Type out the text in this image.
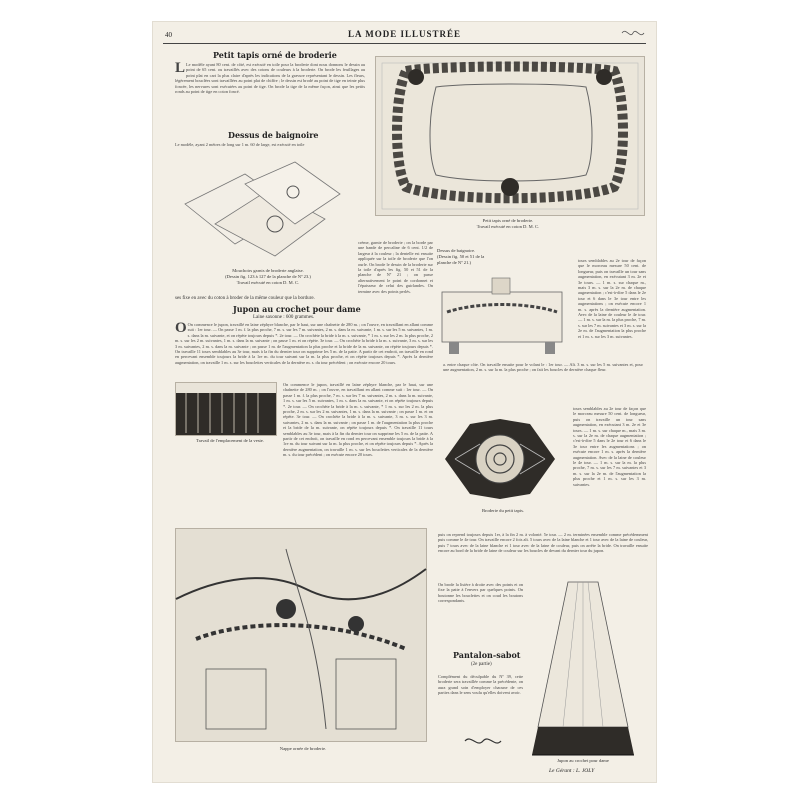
40	LA MODE ILLUSTRÉE
Petit tapis orné de broderie
L Le modèle ayant 80 cent. de côté, est exécuté en toile pour la broderie dont nous donnons le dessin au point de 65 cent. ou travaillés avec des cotons de couleurs à la broderie. On brode les feuillages au point plat en cart la plus claire d'après les indications de la gravure représentant le dessin. Les fleurs, légèrement bouclées sont travaillées au point plat de chiffre ; le dessin est brodé au point de tige en teinte plus foncée, les nervures sont exécutées au point de tige. On brode la tige de la même façon, ainsi que les petits ronds au point de tige en coton foncé.
Petit tapis orné de broderie.
Travail exécuté en coton D. M. C.
Dessus de baignoire
Le modèle, ayant 2 mètres de long sur 1 m. 60 de large, est exécuté en toile
Mouchoirs garnis de broderie anglaise.
(Dessin fig. 123 à 127 de la planche de Nº 23.)
Travail exécuté en coton D. M. C.
crème, garnie de broderie ; on la borde par une bande de percaline de 6 cent. 1/2 de largeur à la couleur ; la dentelle est ensuite appliquée sur la toile de broderie que l'on ourle. On brode le dessin de la broderie sur la toile d'après les fig. 50 et 51 de la planche de Nº 21 ; on passe alternativement le point de cordonnet et l'épaisseur de celui des guirlandes. On termine avec des points perlés.
Dessus de baignoire.
(Dessin fig. 50 et 51 de la
planche de Nº 21.)	tours semblables au 2e tour de façon que le morceau mesure 50 cent. de longueur, puis on travaille un tour sans augmentation, en exécutant 3 m. 2e et 3e tours. — 1 m. s. sur chaque m., mais 3 m. s. sur la 2e m. de chaque augmentation ; c'est-à-dire 5 dans le 2e tour et 6 dans le 3e tour entre les augmentations ; on exécute encore 1 m. s. après la dernière augmentation. Avec de la laine de couleur le 4e tour. — 1 m. s. sur la m. la plus proche, 7 m. s. sur les 7 m. suivantes et 3 m. s. sur la 2e m. de l'augmentation la plus proche et 1 m. s. sur les 3 m. suivantes.
ses fixe en avec du coton à broder de la même couleur que la bordure.
Jupon au crochet pour dame
Laine saxonne : 600 grammes.
O On commence le jupon, travaillé en laine zéphyre blanche, par le haut, sur une chaînette de 280 m. ; on l'ouvre, en travaillant en allant comme suit : 1er tour. — On passe 1 m. f. la plus proche, 7 m. s. sur les 7 m. suivantes, 2 m. s. dans la m. suivante, 1 m. s. sur les 5 m. suivantes, 1 m. s. dans la m. suivante, et on répète toujours depuis *. 2e tour. — On crochète la bride à la m. s. suivante, * 1 m. s. sur les 2 m. la plus proche, 2 m. s. sur les 2 m. suivantes, 1 m. s. dans la m. suivante ; on passe 1 m. et on répète. 3e tour. — On crochète la bride à la m. s. suivante, 3 m. s. sur les 3 m. suivantes, 2 m. s. dans la m. suivante ; on passe 1 m. de l'augmentation la plus proche et la bride de la m. suivante, on répète toujours depuis *. On travaille 11 tours semblables au 3e tour, mais à la fin du dernier tour on supprime les 5 m. de la patte. A partir de cet endroit, on travaille en rond en percevant ensemble toujours la bride à la 1re m. du tour suivant sur la m. la plus proche, et on répète toujours depuis *. Après la dernière augmentation, on travaille 1 m. s. sur les bouclettes verticales de la dernière m. s. du tour précédent ; on exécute encore 20 tours.	a. entre chaque côte. On travaille ensuite pour le volant le : 1er tour. — Alt. 3 m. s. sur les 5 m. suivantes et, pour une augmentation, 2 m. s. sur la m. la plus proche ; on fait les boucles de dernière chaque fleur.
Travail de l'emplacement de la veste.
On commence le jupon, travaillé en laine zéphyre blanche, par le haut, sur une chaînette de 280 m. ; on l'ouvre, en travaillant en allant comme suit : 1er tour. — On passe 1 m. f. la plus proche, 7 m. s. sur les 7 m. suivantes, 2 m. s. dans la m. suivante, 1 m. s. sur les 5 m. suivantes, 1 m. s. dans la m. suivante, et on répète toujours depuis *. 2e tour. — On crochète la bride à la m. s. suivante, * 1 m. s. sur les 2 m. la plus proche, 2 m. s. sur les 2 m. suivantes, 1 m. s. dans la m. suivante ; on passe 1 m. et on répète. 3e tour. — On crochète la bride à la m. s. suivante, 3 m. s. sur les 3 m. suivantes, 2 m. s. dans la m. suivante ; on passe 1 m. de l'augmentation la plus proche et la bride de la m. suivante, on répète toujours depuis *. On travaille 11 tours semblables au 3e tour, mais à la fin du dernier tour on supprime les 5 m. de la patte. A partir de cet endroit, on travaille en rond en percevant ensemble toujours la bride à la 1re m. du tour suivant sur la m. la plus proche, et on répète toujours depuis *. Après la dernière augmentation, on travaille 1 m. s. sur les bouclettes verticales de la dernière m. s. du tour précédent ; on exécute encore 20 tours.
Broderie du petit tapis.
tours semblables au 2e tour de façon que le morceau mesure 50 cent. de longueur, puis on travaille un tour sans augmentation, en exécutant 3 m. 2e et 3e tours. — 1 m. s. sur chaque m., mais 3 m. s. sur la 2e m. de chaque augmentation ; c'est-à-dire 5 dans le 2e tour et 6 dans le 3e tour entre les augmentations ; on exécute encore 1 m. s. après la dernière augmentation. Avec de la laine de couleur le 4e tour. — 1 m. s. sur la m. la plus proche, 7 m. s. sur les 7 m. suivantes et 3 m. s. sur la 2e m. de l'augmentation la plus proche et 1 m. s. sur les 3 m. suivantes.
Nappe ornée de broderie.
puis on reprend toujours depuis 1er, à la fin 2 m. à volonté. 5e tour. — 2 m. terminées ensemble comme précédemment puis comme le 4e tour. On travaille encore 2 fois alt. 5 tours avec de la laine blanche et 1 tour avec de la laine de couleur, puis 7 tours avec de la laine blanche et 1 tour avec de la laine de couleur, puis on arrête la bride. On travaille ensuite encore au bord de la bride de laine de couleur sur les boucles de devant du dernier tour du jupon.
On brode la lisière à droite avec des points et on fixe la patte à l'envers par quelques points. On boutonne les bouclettes et on coud les boutons correspondants.
Pantalon-sabot
(2e partie)
Complément du déculpable du Nº 39, cette broderie sera travaillée comme la précédente, on aura grand soin d'employer chacune de ces parties dans le sens voulu qu'elles doivent avoir.
Jupon au crochet pour dame
Le Gérant : L. JOLY
